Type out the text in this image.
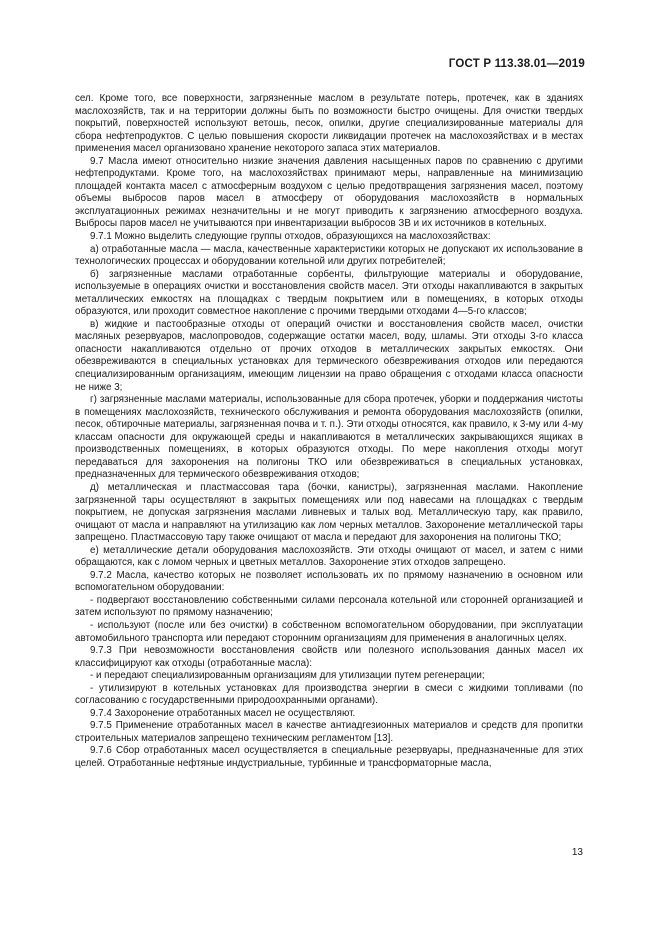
ГОСТ Р 113.38.01—2019

сел. Кроме того, все поверхности, загрязненные маслом в результате потерь, протечек, как в зданиях маслохозяйств, так и на территории должны быть по возможности быстро очищены. Для очистки твердых покрытий, поверхностей используют ветошь, песок, опилки, другие специализированные материалы для сбора нефтепродуктов. С целью повышения скорости ликвидации протечек на маслохозяйствах и в местах применения масел организовано хранение некоторого запаса этих материалов.

9.7 Масла имеют относительно низкие значения давления насыщенных паров по сравнению с другими нефтепродуктами. Кроме того, на маслохозяйствах принимают меры, направленные на минимизацию площадей контакта масел с атмосферным воздухом с целью предотвращения загрязнения масел, поэтому объемы выбросов паров масел в атмосферу от оборудования маслохозяйств в нормальных эксплуатационных режимах незначительны и не могут приводить к загрязнению атмосферного воздуха. Выбросы паров масел не учитываются при инвентаризации выбросов ЗВ и их источников в котельных.

9.7.1 Можно выделить следующие группы отходов, образующихся на маслохозяйствах:

а) отработанные масла — масла, качественные характеристики которых не допускают их использование в технологических процессах и оборудовании котельной или других потребителей;

б) загрязненные маслами отработанные сорбенты, фильтрующие материалы и оборудование, используемые в операциях очистки и восстановления свойств масел. Эти отходы накапливаются в закрытых металлических емкостях на площадках с твердым покрытием или в помещениях, в которых отходы образуются, или проходит совместное накопление с прочими твердыми отходами 4—5-го классов;

в) жидкие и пастообразные отходы от операций очистки и восстановления свойств масел, очистки масляных резервуаров, маслопроводов, содержащие остатки масел, воду, шламы. Эти отходы 3-го класса опасности накапливаются отдельно от прочих отходов в металлических закрытых емкостях. Они обезвреживаются в специальных установках для термического обезвреживания отходов или передаются специализированным организациям, имеющим лицензии на право обращения с отходами класса опасности не ниже 3;

г) загрязненные маслами материалы, использованные для сбора протечек, уборки и поддержания чистоты в помещениях маслохозяйств, технического обслуживания и ремонта оборудования маслохозяйств (опилки, песок, обтирочные материалы, загрязненная почва и т. п.). Эти отходы относятся, как правило, к 3-му или 4-му классам опасности для окружающей среды и накапливаются в металлических закрывающихся ящиках в производственных помещениях, в которых образуются отходы. По мере накопления отходы могут передаваться для захоронения на полигоны ТКО или обезвреживаться в специальных установках, предназначенных для термического обезвреживания отходов;

д) металлическая и пластмассовая тара (бочки, канистры), загрязненная маслами. Накопление загрязненной тары осуществляют в закрытых помещениях или под навесами на площадках с твердым покрытием, не допуская загрязнения маслами ливневых и талых вод. Металлическую тару, как правило, очищают от масла и направляют на утилизацию как лом черных металлов. Захоронение металлической тары запрещено. Пластмассовую тару также очищают от масла и передают для захоронения на полигоны ТКО;

е) металлические детали оборудования маслохозяйств. Эти отходы очищают от масел, и затем с ними обращаются, как с ломом черных и цветных металлов. Захоронение этих отходов запрещено.

9.7.2 Масла, качество которых не позволяет использовать их по прямому назначению в основном или вспомогательном оборудовании:

- подвергают восстановлению собственными силами персонала котельной или сторонней организацией и затем используют по прямому назначению;

- используют (после или без очистки) в собственном вспомогательном оборудовании, при эксплуатации автомобильного транспорта или передают сторонним организациям для применения в аналогичных целях.

9.7.3 При невозможности восстановления свойств или полезного использования данных масел их классифицируют как отходы (отработанные масла):

- и передают специализированным организациям для утилизации путем регенерации;

- утилизируют в котельных установках для производства энергии в смеси с жидкими топливами (по согласованию с государственными природоохранными органами).

9.7.4 Захоронение отработанных масел не осуществляют.

9.7.5 Применение отработанных масел в качестве антиадгезионных материалов и средств для пропитки строительных материалов запрещено техническим регламентом [13].

9.7.6 Сбор отработанных масел осуществляется в специальные резервуары, предназначенные для этих целей. Отработанные нефтяные индустриальные, турбинные и трансформаторные масла,

13
